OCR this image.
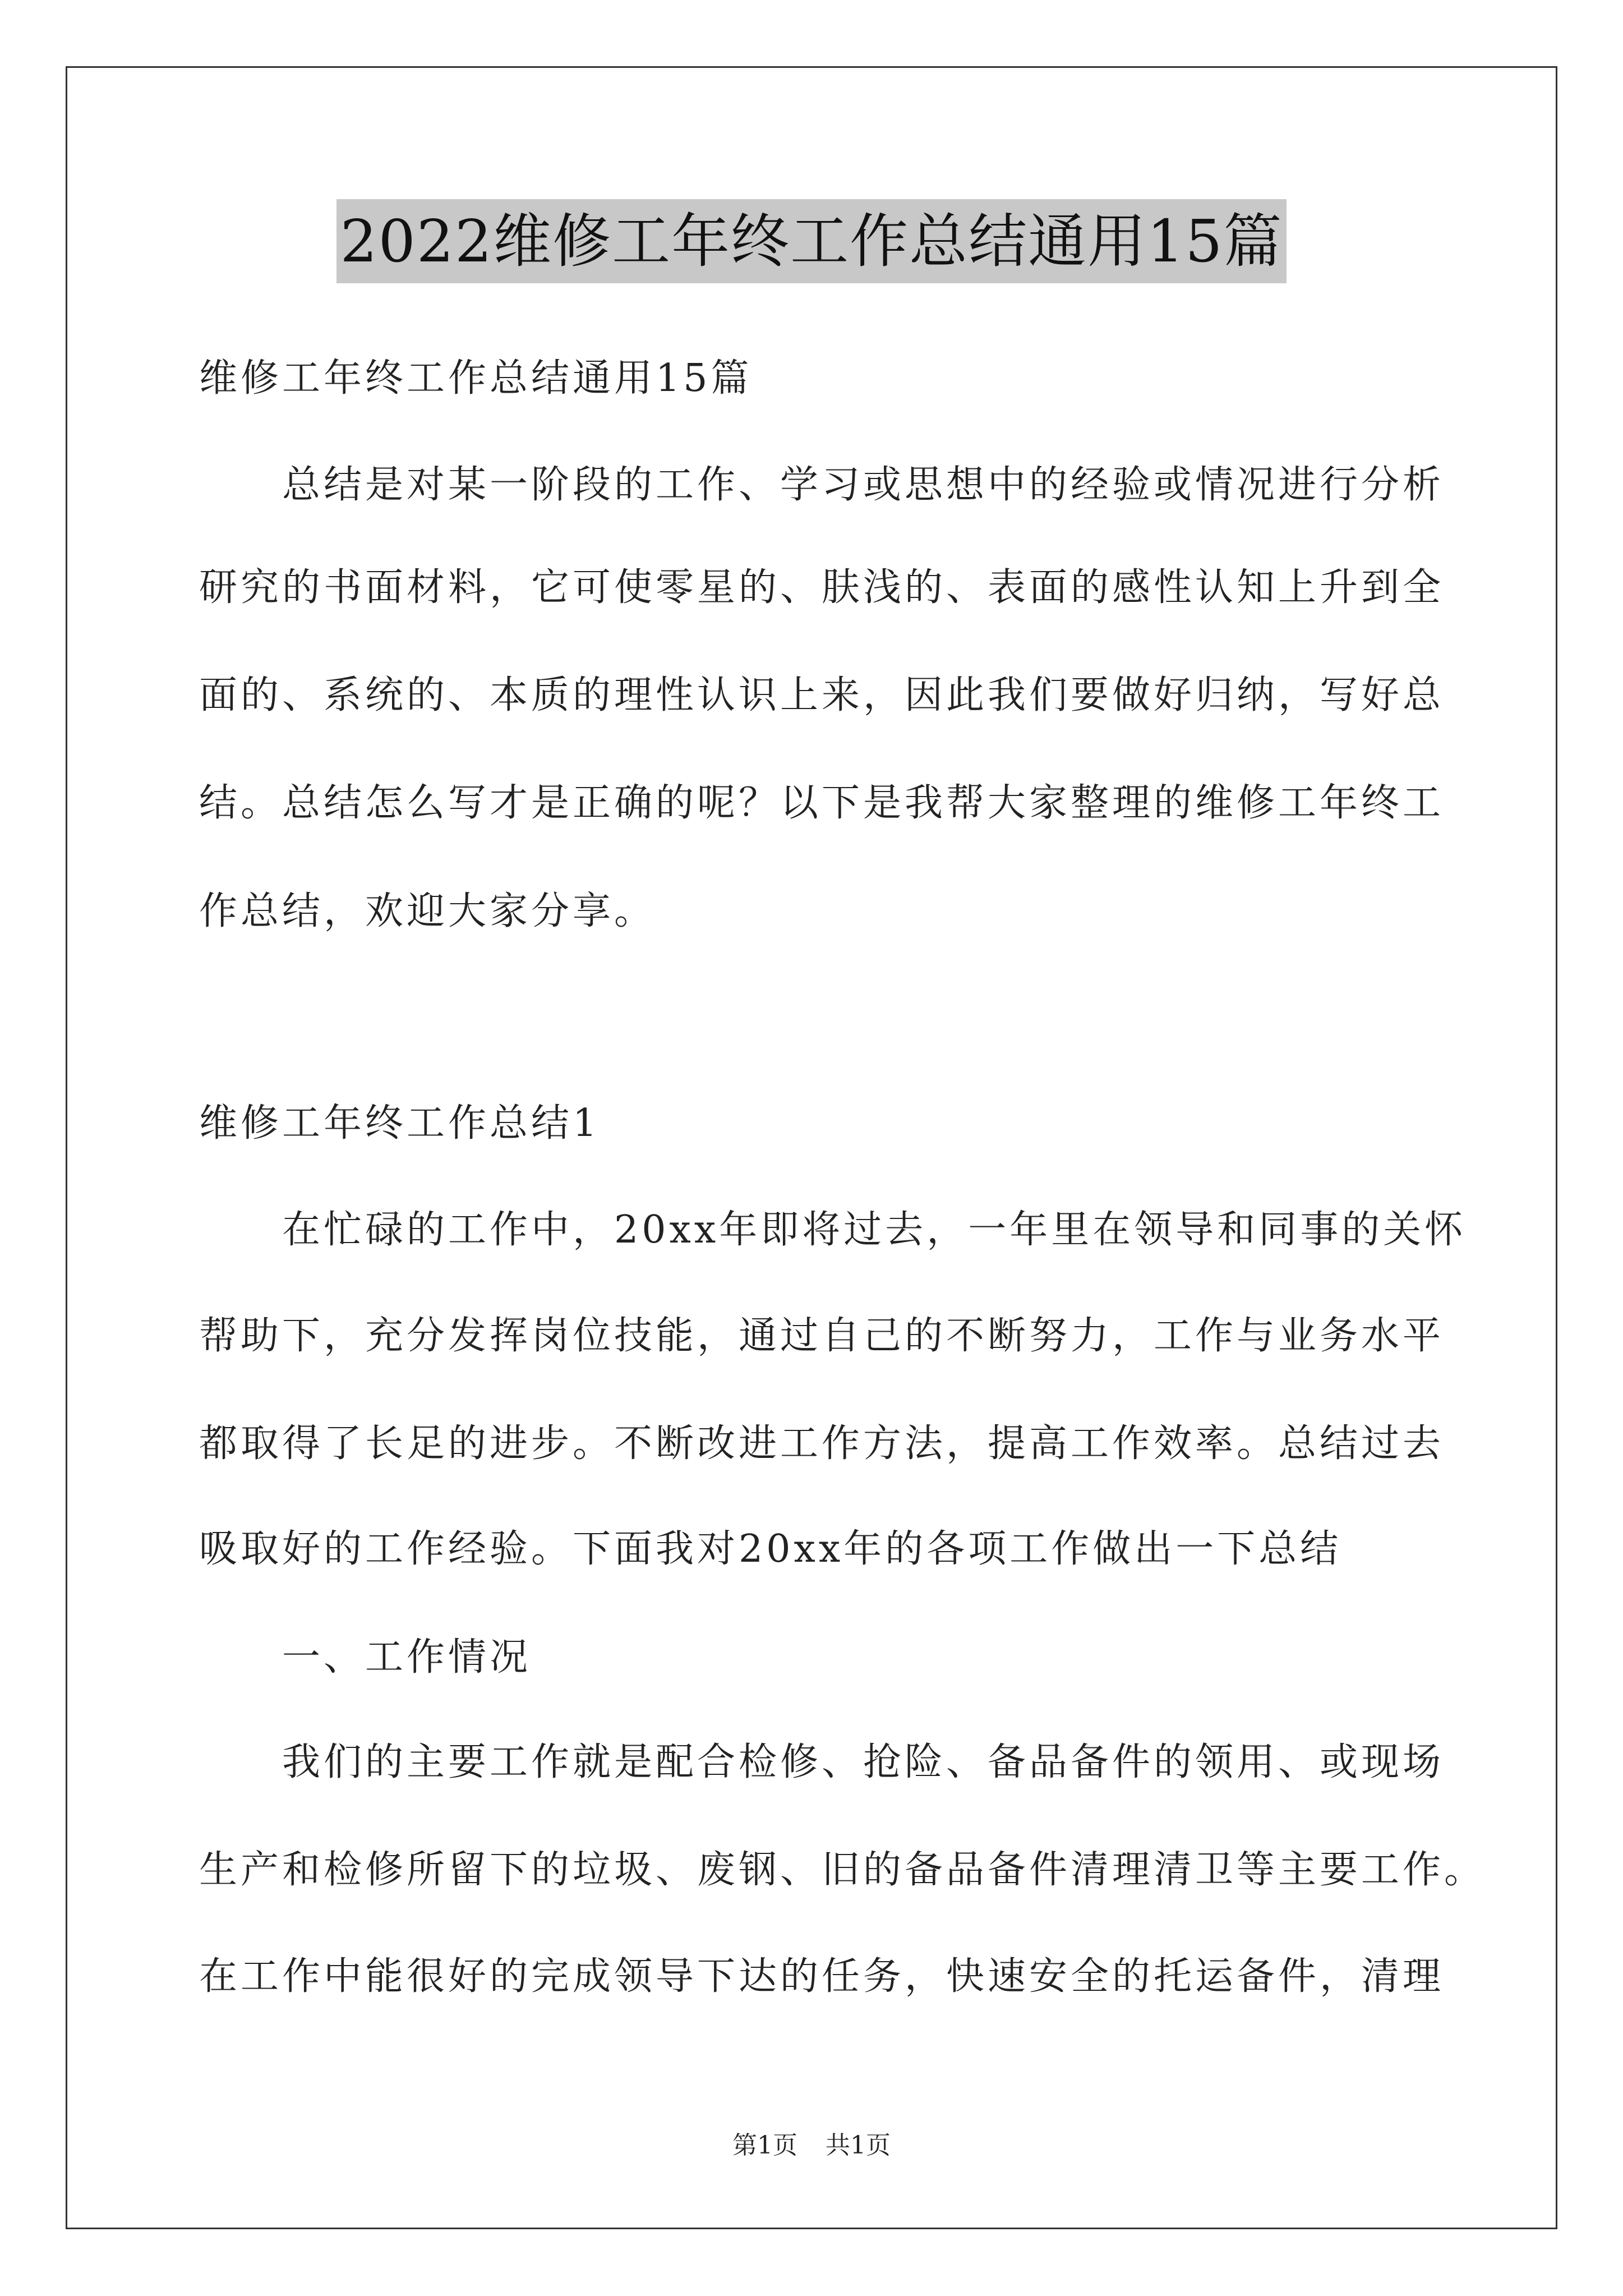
2022维修工年终工作总结通用15篇
维修工年终工作总结通用15篇
总结是对某一阶段的工作、学习或思想中的经验或情况进行分析
研究的书面材料，它可使零星的、肤浅的、表面的感性认知上升到全
面的、系统的、本质的理性认识上来，因此我们要做好归纳，写好总
结。总结怎么写才是正确的呢？以下是我帮大家整理的维修工年终工
作总结，欢迎大家分享。
维修工年终工作总结1
在忙碌的工作中，20xx年即将过去，一年里在领导和同事的关怀
帮助下，充分发挥岗位技能，通过自己的不断努力，工作与业务水平
都取得了长足的进步。不断改进工作方法，提高工作效率。总结过去
吸取好的工作经验。下面我对20xx年的各项工作做出一下总结
一、工作情况
我们的主要工作就是配合检修、抢险、备品备件的领用、或现场
生产和检修所留下的垃圾、废钢、旧的备品备件清理清卫等主要工作。
在工作中能很好的完成领导下达的任务，快速安全的托运备件，清理
第1页 共1页
